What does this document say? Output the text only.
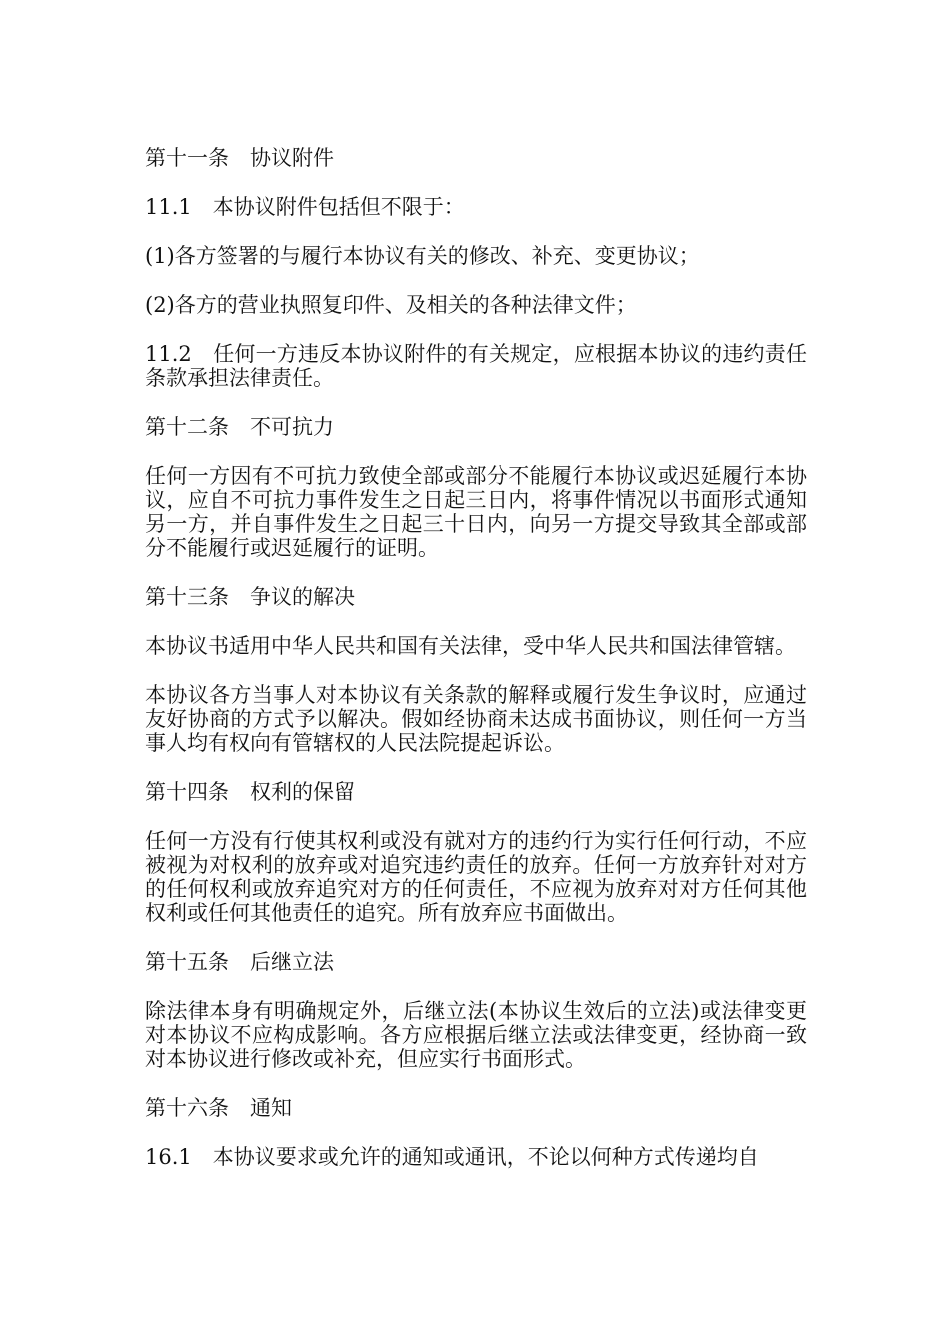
第十一条　协议附件

11.1　本协议附件包括但不限于：

(1)各方签署的与履行本协议有关的修改、补充、变更协议；

(2)各方的营业执照复印件、及相关的各种法律文件；

11.2　任何一方违反本协议附件的有关规定，应根据本协议的违约责任条款承担法律责任。

第十二条　不可抗力

任何一方因有不可抗力致使全部或部分不能履行本协议或迟延履行本协议，应自不可抗力事件发生之日起三日内，将事件情况以书面形式通知另一方，并自事件发生之日起三十日内，向另一方提交导致其全部或部分不能履行或迟延履行的证明。

第十三条　争议的解决

本协议书适用中华人民共和国有关法律，受中华人民共和国法律管辖。

本协议各方当事人对本协议有关条款的解释或履行发生争议时，应通过友好协商的方式予以解决。假如经协商未达成书面协议，则任何一方当事人均有权向有管辖权的人民法院提起诉讼。

第十四条　权利的保留

任何一方没有行使其权利或没有就对方的违约行为实行任何行动，不应被视为对权利的放弃或对追究违约责任的放弃。任何一方放弃针对对方的任何权利或放弃追究对方的任何责任，不应视为放弃对对方任何其他权利或任何其他责任的追究。所有放弃应书面做出。

第十五条　后继立法

除法律本身有明确规定外，后继立法(本协议生效后的立法)或法律变更对本协议不应构成影响。各方应根据后继立法或法律变更，经协商一致对本协议进行修改或补充，但应实行书面形式。

第十六条　通知

16.1　本协议要求或允许的通知或通讯，不论以何种方式传递均自
